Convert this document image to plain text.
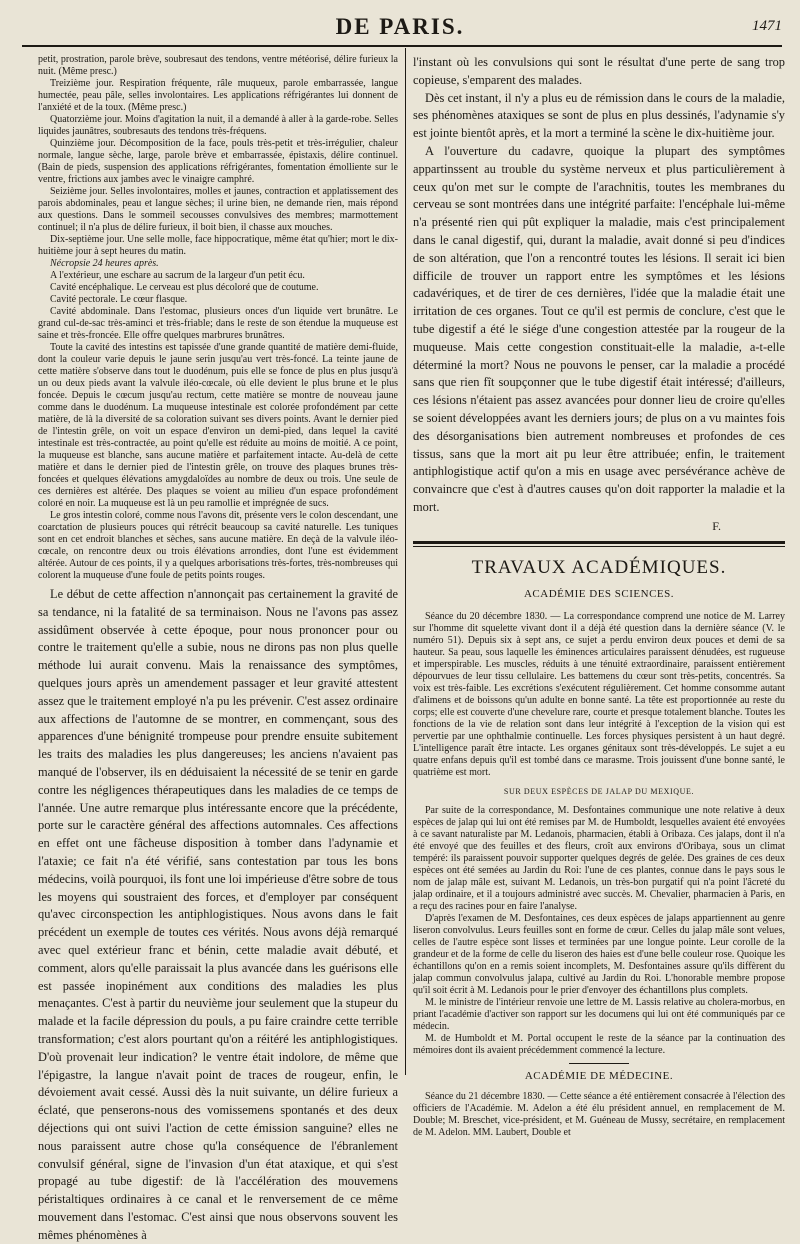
DE PARIS.	1471

petit, prostration, parole brève, soubresaut des tendons, ventre météorisé, délire furieux la nuit. (Même presc.)

Treizième jour. Respiration fréquente, râle muqueux, parole embarrassée, langue humectée, peau pâle, selles involontaires. Les applications réfrigérantes lui donnent de l'anxiété et de la toux. (Même presc.)

Quatorzième jour. Moins d'agitation la nuit, il a demandé à aller à la garde-robe. Selles liquides jaunâtres, soubresauts des tendons très-fréquens.

Quinzième jour. Décomposition de la face, pouls très-petit et très-irrégulier, chaleur normale, langue sèche, large, parole brève et embarrassée, épistaxis, délire continuel. (Bain de pieds, suspension des applications réfrigérantes, fomentation émolliente sur le ventre, frictions aux jambes avec le vinaigre camphré.

Seizième jour. Selles involontaires, molles et jaunes, contraction et applatissement des parois abdominales, peau et langue sèches; il urine bien, ne demande rien, mais répond aux questions. Dans le sommeil secousses convulsives des membres; marmottement continuel; il n'a plus de délire furieux, il boit bien, il chasse aux mouches.

Dix-septième jour. Une selle molle, face hippocratique, même état qu'hier; mort le dix-huitième jour à sept heures du matin.

Nécropsie 24 heures après.

A l'extérieur, une eschare au sacrum de la largeur d'un petit écu.

Cavité encéphalique. Le cerveau est plus décoloré que de coutume.

Cavité pectorale. Le cœur flasque.

Cavité abdominale. Dans l'estomac, plusieurs onces d'un liquide vert brunâtre. Le grand cul-de-sac très-aminci et très-friable; dans le reste de son étendue la muqueuse est saine et très-froncée. Elle offre quelques marbrures brunâtres.

Toute la cavité des intestins est tapissée d'une grande quantité de matière demi-fluide, dont la couleur varie depuis le jaune serin jusqu'au vert très-foncé. La teinte jaune de cette matière s'observe dans tout le duodénum, puis elle se fonce de plus en plus jusqu'à un ou deux pieds avant la valvule iléo-cœcale, où elle devient le plus brune et le plus foncée. Depuis le cœcum jusqu'au rectum, cette matière se montre de nouveau jaune comme dans le duodénum. La muqueuse intestinale est colorée profondément par cette matière, de là la diversité de sa coloration suivant ses divers points. Avant le dernier pied de l'intestin grêle, on voit un espace d'environ un demi-pied, dans lequel la cavité intestinale est très-contractée, au point qu'elle est réduite au moins de moitié. A ce point, la muqueuse est blanche, sans aucune matière et parfaitement intacte. Au-delà de cette matière et dans le dernier pied de l'intestin grêle, on trouve des plaques brunes très-foncées et quelques élévations amygdaloïdes au nombre de deux ou trois. Une seule de ces dernières est altérée. Des plaques se voient au milieu d'un espace profondément coloré en noir. La muqueuse est là un peu ramollie et imprégnée de sucs.

Le gros intestin coloré, comme nous l'avons dit, présente vers le colon descendant, une coarctation de plusieurs pouces qui rétrécit beaucoup sa cavité naturelle. Les tuniques sont en cet endroit blanches et sèches, sans aucune matière. En deçà de la valvule iléo-cœcale, on rencontre deux ou trois élévations arrondies, dont l'une est évidemment altérée. Autour de ces points, il y a quelques arborisations très-fortes, très-nombreuses qui colorent la muqueuse d'une foule de petits points rouges.

Le début de cette affection n'annonçait pas certainement la gravité de sa tendance, ni la fatalité de sa terminaison. Nous ne l'avons pas assez assidûment observée à cette époque, pour nous prononcer pour ou contre le traitement qu'elle a subie, nous ne dirons pas non plus quelle méthode lui aurait convenu. Mais la renaissance des symptômes, quelques jours après un amendement passager et leur gravité attestent assez que le traitement employé n'a pu les prévenir. C'est assez ordinaire aux affections de l'automne de se montrer, en commençant, sous des apparences d'une bénignité trompeuse pour prendre ensuite subitement les traits des maladies les plus dangereuses; les anciens n'avaient pas manqué de l'observer, ils en déduisaient la nécessité de se tenir en garde contre les négligences thérapeutiques dans les maladies de ce temps de l'année. Une autre remarque plus intéressante encore que la précédente, porte sur le caractère général des affections automnales. Ces affections en effet ont une fâcheuse disposition à tomber dans l'adynamie et l'ataxie; ce fait n'a été vérifié, sans contestation par tous les bons médecins, voilà pourquoi, ils font une loi impérieuse d'être sobre de tous les moyens qui soustraient des forces, et d'employer par conséquent qu'avec circonspection les antiphlogistiques. Nous avons dans le fait précédent un exemple de toutes ces vérités. Nous avons déjà remarqué avec quel extérieur franc et bénin, cette maladie avait débuté, et comment, alors qu'elle paraissait la plus avancée dans les guérisons elle est passée inopinément aux conditions des maladies les plus menaçantes. C'est à partir du neuvième jour seulement que la stupeur du malade et la facile dépression du pouls, a pu faire craindre cette terrible transformation; c'est alors pourtant qu'on a réitéré les antiphlogistiques. D'où provenait leur indication? le ventre était indolore, de même que l'épigastre, la langue n'avait point de traces de rougeur, enfin, le dévoiement avait cessé. Aussi dès la nuit suivante, un délire furieux a éclaté, que penserons-nous des vomissemens spontanés et des deux déjections qui ont suivi l'action de cette émission sanguine? elles ne nous paraissent autre chose qu'la conséquence de l'ébranlement convulsif général, signe de l'invasion d'un état ataxique, et qui s'est propagé au tube digestif: de là l'accélération des mouvemens péristaltiques ordinaires à ce canal et le renversement de ce même mouvement dans l'estomac. C'est ainsi que nous observons souvent les mêmes phénomènes à

l'instant où les convulsions qui sont le résultat d'une perte de sang trop copieuse, s'emparent des malades.

Dès cet instant, il n'y a plus eu de rémission dans le cours de la maladie, ses phénomènes ataxiques se sont de plus en plus dessinés, l'adynamie s'y est jointe bientôt après, et la mort a terminé la scène le dix-huitième jour.

A l'ouverture du cadavre, quoique la plupart des symptômes appartinssent au trouble du système nerveux et plus particulièrement à ceux qu'on met sur le compte de l'arachnitis, toutes les membranes du cerveau se sont montrées dans une intégrité parfaite: l'encéphale lui-même n'a présenté rien qui pût expliquer la maladie, mais c'est principalement dans le canal digestif, qui, durant la maladie, avait donné si peu d'indices de son altération, que l'on a rencontré toutes les lésions. Il serait ici bien difficile de trouver un rapport entre les symptômes et les lésions cadavériques, et de tirer de ces dernières, l'idée que la maladie était une irritation de ces organes. Tout ce qu'il est permis de conclure, c'est que le tube digestif a été le siége d'une congestion attestée par la rougeur de la muqueuse. Mais cette congestion constituait-elle la maladie, a-t-elle déterminé la mort? Nous ne pouvons le penser, car la maladie a procédé sans que rien fît soupçonner que le tube digestif était intéressé; d'ailleurs, ces lésions n'étaient pas assez avancées pour donner lieu de croire qu'elles se soient développées avant les derniers jours; de plus on a vu maintes fois des désorganisations bien autrement nombreuses et profondes de ces tissus, sans que la mort ait pu leur être attribuée; enfin, le traitement antiphlogistique actif qu'on a mis en usage avec persévérance achève de convaincre que c'est à d'autres causes qu'on doit rapporter la maladie et la mort.

F.
TRAVAUX ACADÉMIQUES.
ACADÉMIE DES SCIENCES.

Séance du 20 décembre 1830. — La correspondance comprend une notice de M. Larrey sur l'homme dit squelette vivant dont il a déjà été question dans la dernière séance (V. le numéro 51). Depuis six à sept ans, ce sujet a perdu environ deux pouces et demi de sa hauteur. Sa peau, sous laquelle les éminences articulaires paraissent dénudées, est rugueuse et imperspirable. Les muscles, réduits à une ténuité extraordinaire, paraissent entièrement dépourvues de leur tissu cellulaire. Les battemens du cœur sont très-petits, concentrés. Sa voix est très-faible. Les excrétions s'exécutent régulièrement. Cet homme consomme autant d'alimens et de boissons qu'un adulte en bonne santé. La tête est proportionnée au reste du corps; elle est couverte d'une chevelure rare, courte et presque totalement blanche. Toutes les fonctions de la vie de relation sont dans leur intégrité à l'exception de la vision qui est pervertie par une ophthalmie continuelle. Les forces physiques persistent à un haut degré. L'intelligence paraît être intacte. Les organes génitaux sont très-développés. Le sujet a eu quatre enfans depuis qu'il est tombé dans ce marasme. Trois jouissent d'une bonne santé, le quatrième est mort.

SUR DEUX ESPÈCES DE JALAP DU MEXIQUE.

Par suite de la correspondance, M. Desfontaines communique une note relative à deux espèces de jalap qui lui ont été remises par M. de Humboldt, lesquelles avaient été envoyées à ce savant naturaliste par M. Ledanois, pharmacien, établi à Oribaza. Ces jalaps, dont il n'a été envoyé que des feuilles et des fleurs, croît aux environs d'Oribaya, sous un climat tempéré: ils paraissent pouvoir supporter quelques degrés de gelée. Des graines de ces deux espèces ont été semées au Jardin du Roi: l'une de ces plantes, connue dans le pays sous le nom de jalap mâle est, suivant M. Ledanois, un très-bon purgatif qui n'a point l'âcreté du jalap ordinaire, et il a toujours administré avec succès. M. Chevalier, pharmacien à Paris, en a reçu des racines pour en faire l'analyse.

D'après l'examen de M. Desfontaines, ces deux espèces de jalaps appartiennent au genre liseron convolvulus. Leurs feuilles sont en forme de cœur. Celles du jalap mâle sont velues, celles de l'autre espèce sont lisses et terminées par une longue pointe. Leur corolle de la grandeur et de la forme de celle du liseron des haies est d'une belle couleur rose. Quoique les échantillons qu'on en a remis soient incomplets, M. Desfontaines assure qu'ils diffèrent du jalap commun convolvulus jalapa, cultivé au Jardin du Roi. L'honorable membre propose qu'il soit écrit à M. Ledanois pour le prier d'envoyer des échantillons plus complets.

M. le ministre de l'intérieur renvoie une lettre de M. Lassis relative au cholera-morbus, en priant l'académie d'activer son rapport sur les documens qui lui ont été communiqués par ce médecin.

M. de Humboldt et M. Portal occupent le reste de la séance par la continuation des mémoires dont ils avaient précédemment commencé la lecture.

ACADÉMIE DE MÉDECINE.

Séance du 21 décembre 1830. — Cette séance a été entièrement consacrée à l'élection des officiers de l'Académie. M. Adelon a été élu président annuel, en remplacement de M. Double; M. Breschet, vice-président, et M. Guéneau de Mussy, secrétaire, en remplacement de M. Adelon. MM. Laubert, Double et
